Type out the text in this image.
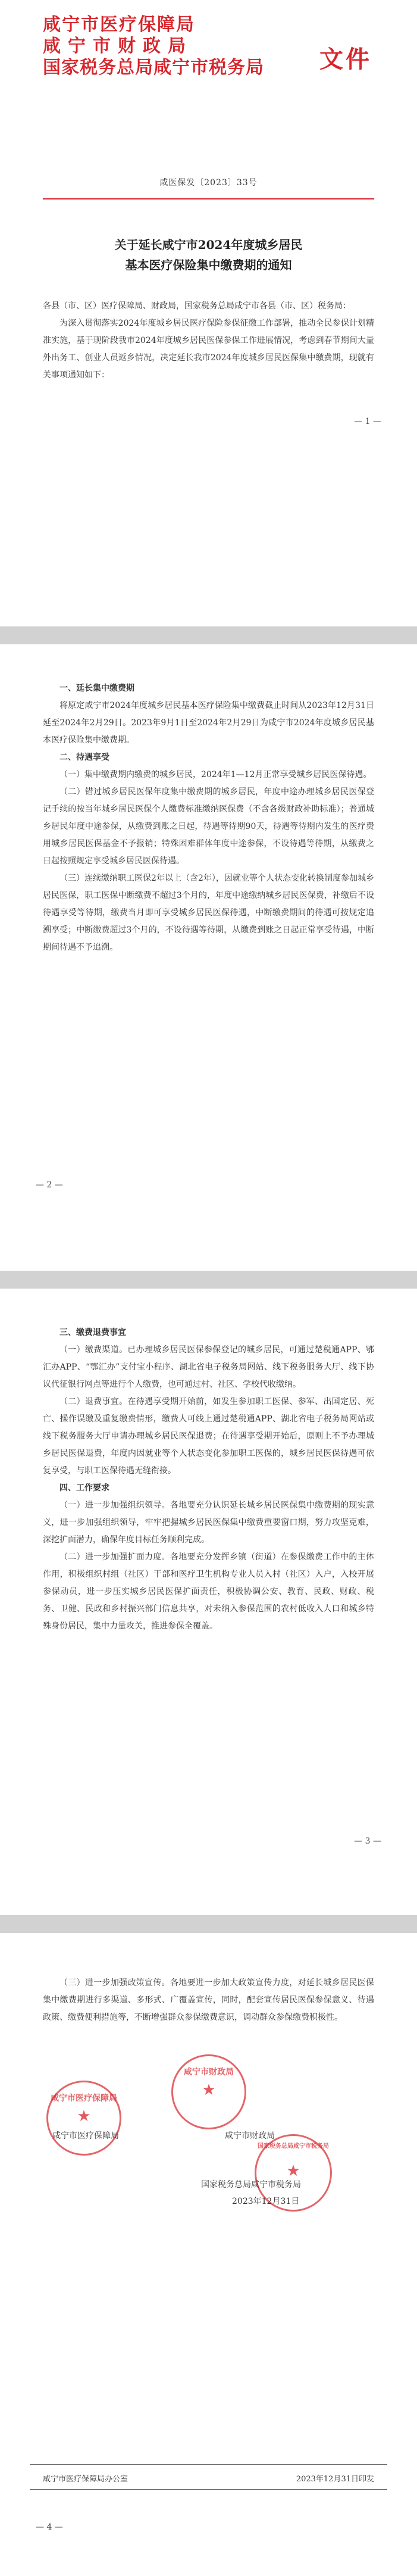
咸宁市医疗保障局
咸宁市财政局
国家税务总局咸宁市税务局	文件
咸医保发〔2023〕33号
关于延长咸宁市2024年度城乡居民
基本医疗保险集中缴费期的通知

各县（市、区）医疗保障局、财政局，国家税务总局咸宁市各县（市、区）税务局：

为深入贯彻落实2024年度城乡居民医疗保险参保征缴工作部署，推动全民参保计划精准实施，基于现阶段我市2024年度城乡居民医保参保工作进展情况，考虑到春节期间大量外出务工、创业人员返乡情况，决定延长我市2024年度城乡居民医保集中缴费期，现就有关事项通知如下：

— 1 —

一、延长集中缴费期

将原定咸宁市2024年度城乡居民基本医疗保险集中缴费截止时间从2023年12月31日延至2024年2月29日。2023年9月1日至2024年2月29日为咸宁市2024年度城乡居民基本医疗保险集中缴费期。

二、待遇享受

（一）集中缴费期内缴费的城乡居民，2024年1—12月正常享受城乡居民医保待遇。

（二）错过城乡居民医保年度集中缴费期的城乡居民，年度中途办理城乡居民医保登记手续的按当年城乡居民医保个人缴费标准缴纳医保费（不含各级财政补助标准）；普通城乡居民年度中途参保，从缴费到账之日起，待遇等待期90天，待遇等待期内发生的医疗费用城乡居民医保基金不予报销；特殊困难群体年度中途参保，不设待遇等待期，从缴费之日起按照规定享受城乡居民医保待遇。

（三）连续缴纳职工医保2年以上（含2年），因就业等个人状态变化转换制度参加城乡居民医保，职工医保中断缴费不超过3个月的，年度中途缴纳城乡居民医保费，补缴后不设待遇享受等待期，缴费当月即可享受城乡居民医保待遇，中断缴费期间的待遇可按规定追溯享受；中断缴费超过3个月的，不设待遇等待期，从缴费到账之日起正常享受待遇，中断期间待遇不予追溯。

— 2 —

三、缴费退费事宜

（一）缴费渠道。已办理城乡居民医保参保登记的城乡居民，可通过楚税通APP、鄂汇办APP、“鄂汇办”支付宝小程序、湖北省电子税务局网站、线下税务服务大厅、线下协议代征银行网点等进行个人缴费，也可通过村、社区、学校代收缴纳。

（二）退费事宜。在待遇享受期开始前，如发生参加职工医保、参军、出国定居、死亡、操作误缴及重复缴费情形，缴费人可线上通过楚税通APP、湖北省电子税务局网站或线下税务服务大厅申请办理城乡居民医保退费；在待遇享受期开始后，原则上不予办理城乡居民医保退费，年度内因就业等个人状态变化参加职工医保的，城乡居民医保待遇可依复享受，与职工医保待遇无缝衔接。

四、工作要求

（一）进一步加强组织领导。各地要充分认识延长城乡居民医保集中缴费期的现实意义，进一步加强组织领导，牢牢把握城乡居民医保集中缴费重要窗口期，努力攻坚克难，深挖扩面潜力，确保年度目标任务顺利完成。

（二）进一步加强扩面力度。各地要充分发挥乡镇（街道）在参保缴费工作中的主体作用，积极组织村组（社区）干部和医疗卫生机构专业人员入村（社区）入户，入校开展参保动员，进一步压实城乡居民医保扩面责任，积极协调公安、教育、民政、财政、税务、卫健、民政和乡村振兴部门信息共享，对未纳入参保范围的农村低收入人口和城乡特殊身份居民，集中力量攻关，推进参保全覆盖。

— 3 —

（三）进一步加强政策宣传。各地要进一步加大政策宣传力度，对延长城乡居民医保集中缴费期进行多渠道、多形式、广覆盖宣传，同时，配套宣传居民医保参保意义、待遇政策、缴费便利措施等，不断增强群众参保缴费意识，调动群众参保缴费积极性。

咸宁市医疗保障局
★
咸宁市财政局
★
国家税务总局咸宁市税务局
★
咸宁市医疗保障局	咸宁市财政局
国家税务总局咸宁市税务局
2023年12月31日
咸宁市医疗保障局办公室	2023年12月31日印发
— 4 —
